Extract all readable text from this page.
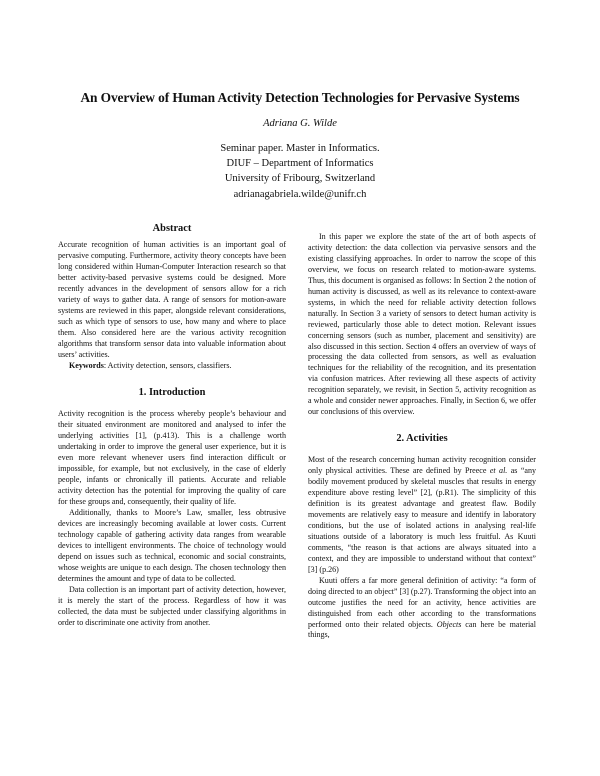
An Overview of Human Activity Detection Technologies for Pervasive Systems
Adriana G. Wilde
Seminar paper. Master in Informatics.
DIUF – Department of Informatics
University of Fribourg, Switzerland
adrianagabriela.wilde@unifr.ch
Abstract

Accurate recognition of human activities is an important goal of pervasive computing. Furthermore, activity theory concepts have been long considered within Human-Computer Interaction research so that better activity-based pervasive systems could be designed. More recently advances in the development of sensors allow for a rich variety of ways to gather data. A range of sensors for motion-aware systems are reviewed in this paper, alongside relevant considerations, such as which type of sensors to use, how many and where to place them. Also considered here are the various activity recognition algorithms that transform sensor data into valuable information about users’ activities.

Keywords: Activity detection, sensors, classifiers.

1. Introduction

Activity recognition is the process whereby people’s behaviour and their situated environment are monitored and analysed to infer the underlying activities [1], (p.413). This is a challenge worth undertaking in order to improve the general user experience, but it is even more relevant whenever users find interaction difficult or impossible, for example, but not exclusively, in the case of elderly people, infants or chronically ill patients. Accurate and reliable activity detection has the potential for improving the quality of care for these groups and, consequently, their quality of life.

Additionally, thanks to Moore’s Law, smaller, less obtrusive devices are increasingly becoming available at lower costs. Current technology capable of gathering activity data ranges from wearable devices to intelligent environments. The choice of technology would depend on issues such as technical, economic and social constraints, whose weights are unique to each design. The chosen technology then determines the amount and type of data to be collected.

Data collection is an important part of activity detection, however, it is merely the start of the process. Regardless of how it was collected, the data must be subjected under classifying algorithms in order to discriminate one activity from another.

In this paper we explore the state of the art of both aspects of activity detection: the data collection via pervasive sensors and the existing classifying approaches. In order to narrow the scope of this overview, we focus on research related to motion-aware systems. Thus, this document is organised as follows: In Section 2 the notion of human activity is discussed, as well as its relevance to context-aware systems, in which the need for reliable activity detection follows naturally. In Section 3 a variety of sensors to detect human activity is reviewed, particularly those able to detect motion. Relevant issues concerning sensors (such as number, placement and sensitivity) are also discussed in this section. Section 4 offers an overview of ways of processing the data collected from sensors, as well as evaluation techniques for the reliability of the recognition, and its presentation via confusion matrices. After reviewing all these aspects of activity recognition separately, we revisit, in Section 5, activity recognition as a whole and consider newer approaches. Finally, in Section 6, we offer our conclusions of this overview.

2. Activities

Most of the research concerning human activity recognition consider only physical activities. These are defined by Preece et al. as “any bodily movement produced by skeletal muscles that results in energy expenditure above resting level” [2], (p.R1). The simplicity of this definition is its greatest advantage and greatest flaw. Bodily movements are relatively easy to measure and identify in laboratory conditions, but the use of isolated actions in analysing real-life situations outside of a laboratory is much less fruitful. As Kuuti comments, “the reason is that actions are always situated into a context, and they are impossible to understand without that context” [3] (p.26)

Kuuti offers a far more general definition of activity: “a form of doing directed to an object” [3] (p.27). Transforming the object into an outcome justifies the need for an activity, hence activities are distinguished from each other according to the transformations performed onto their related objects. Objects can here be material things,
